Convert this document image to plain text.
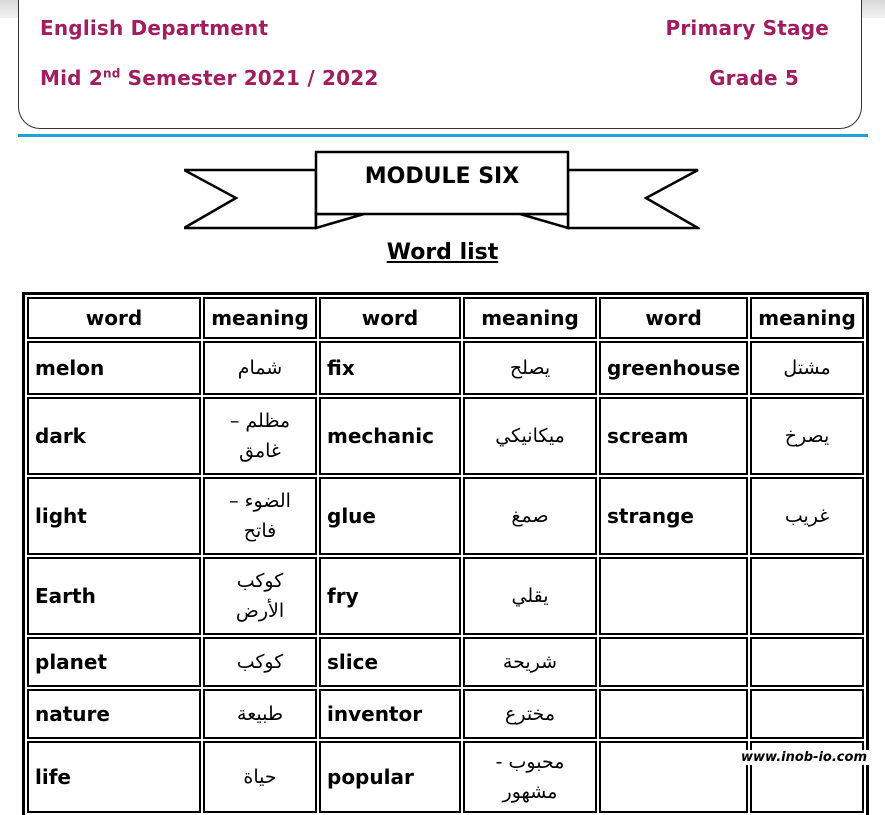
English Department	Primary Stage
Mid 2nd Semester 2021 / 2022	Grade 5
MODULE SIX
Word list
word	meaning	word	meaning	word	meaning
melon	شمام	fix	يصلح	greenhouse	مشتل
dark	مظلم – غامق	mechanic	ميكانيكي	scream	يصرخ
light	الضوء – فاتح	glue	صمغ	strange	غريب
Earth	كوكب الأرض	fry	يقلي		
planet	كوكب	slice	شريحة		
nature	طبيعة	inventor	مخترع		
life	حياة	popular	محبوب - مشهور		
www.inob-io.com
